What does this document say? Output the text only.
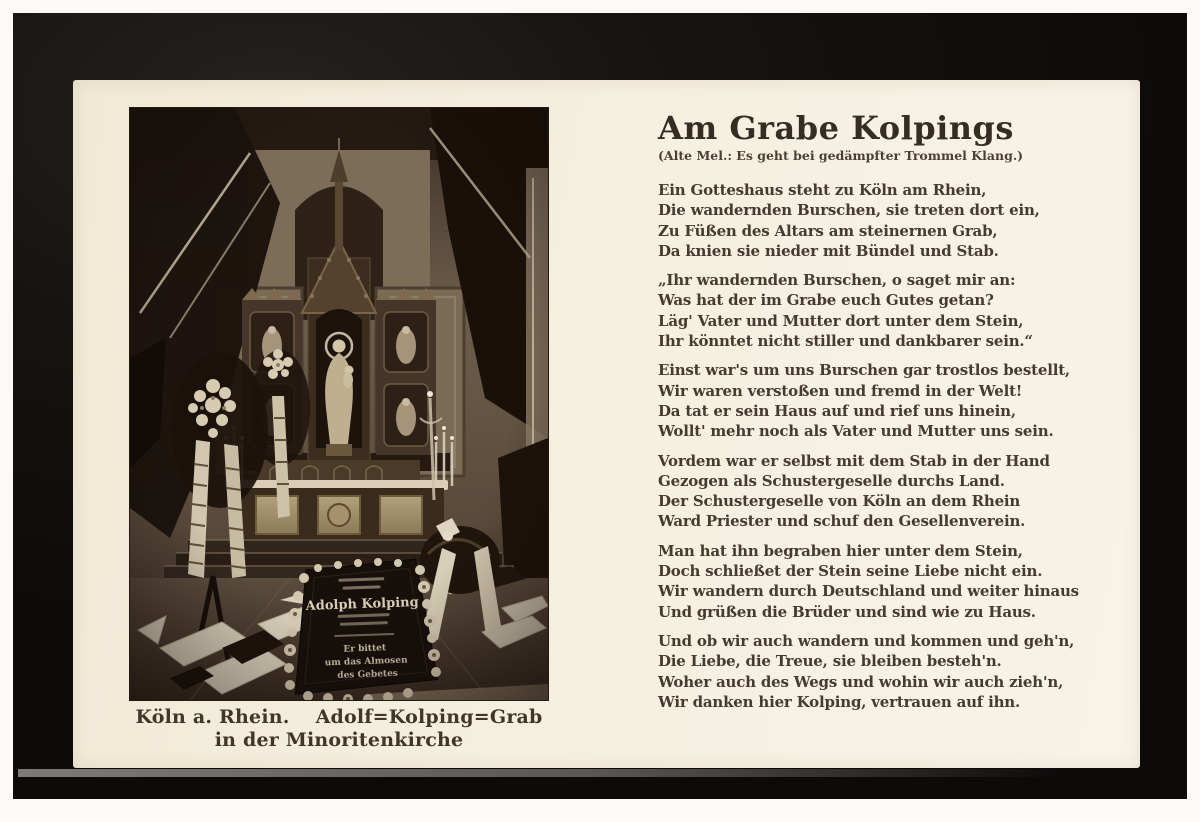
Köln a. Rhein.  Adolf=Kolping=Grab
in der Minoritenkirche
Am Grabe Kolpings
(Alte Mel.: Es geht bei gedämpfter Trommel Klang.)

Ein Gotteshaus steht zu Köln am Rhein,

Die wandernden Burschen, sie treten dort ein,

Zu Füßen des Altars am steinernen Grab,

Da knien sie nieder mit Bündel und Stab.

„Ihr wandernden Burschen, o saget mir an:

Was hat der im Grabe euch Gutes getan?

Läg' Vater und Mutter dort unter dem Stein,

Ihr könntet nicht stiller und dankbarer sein.“

Einst war's um uns Burschen gar trostlos bestellt,

Wir waren verstoßen und fremd in der Welt!

Da tat er sein Haus auf und rief uns hinein,

Wollt' mehr noch als Vater und Mutter uns sein.

Vordem war er selbst mit dem Stab in der Hand

Gezogen als Schustergeselle durchs Land.

Der Schustergeselle von Köln an dem Rhein

Ward Priester und schuf den Gesellenverein.

Man hat ihn begraben hier unter dem Stein,

Doch schließet der Stein seine Liebe nicht ein.

Wir wandern durch Deutschland und weiter hinaus

Und grüßen die Brüder und sind wie zu Haus.

Und ob wir auch wandern und kommen und geh'n,

Die Liebe, die Treue, sie bleiben besteh'n.

Woher auch des Wegs und wohin wir auch zieh'n,

Wir danken hier Kolping, vertrauen auf ihn.
